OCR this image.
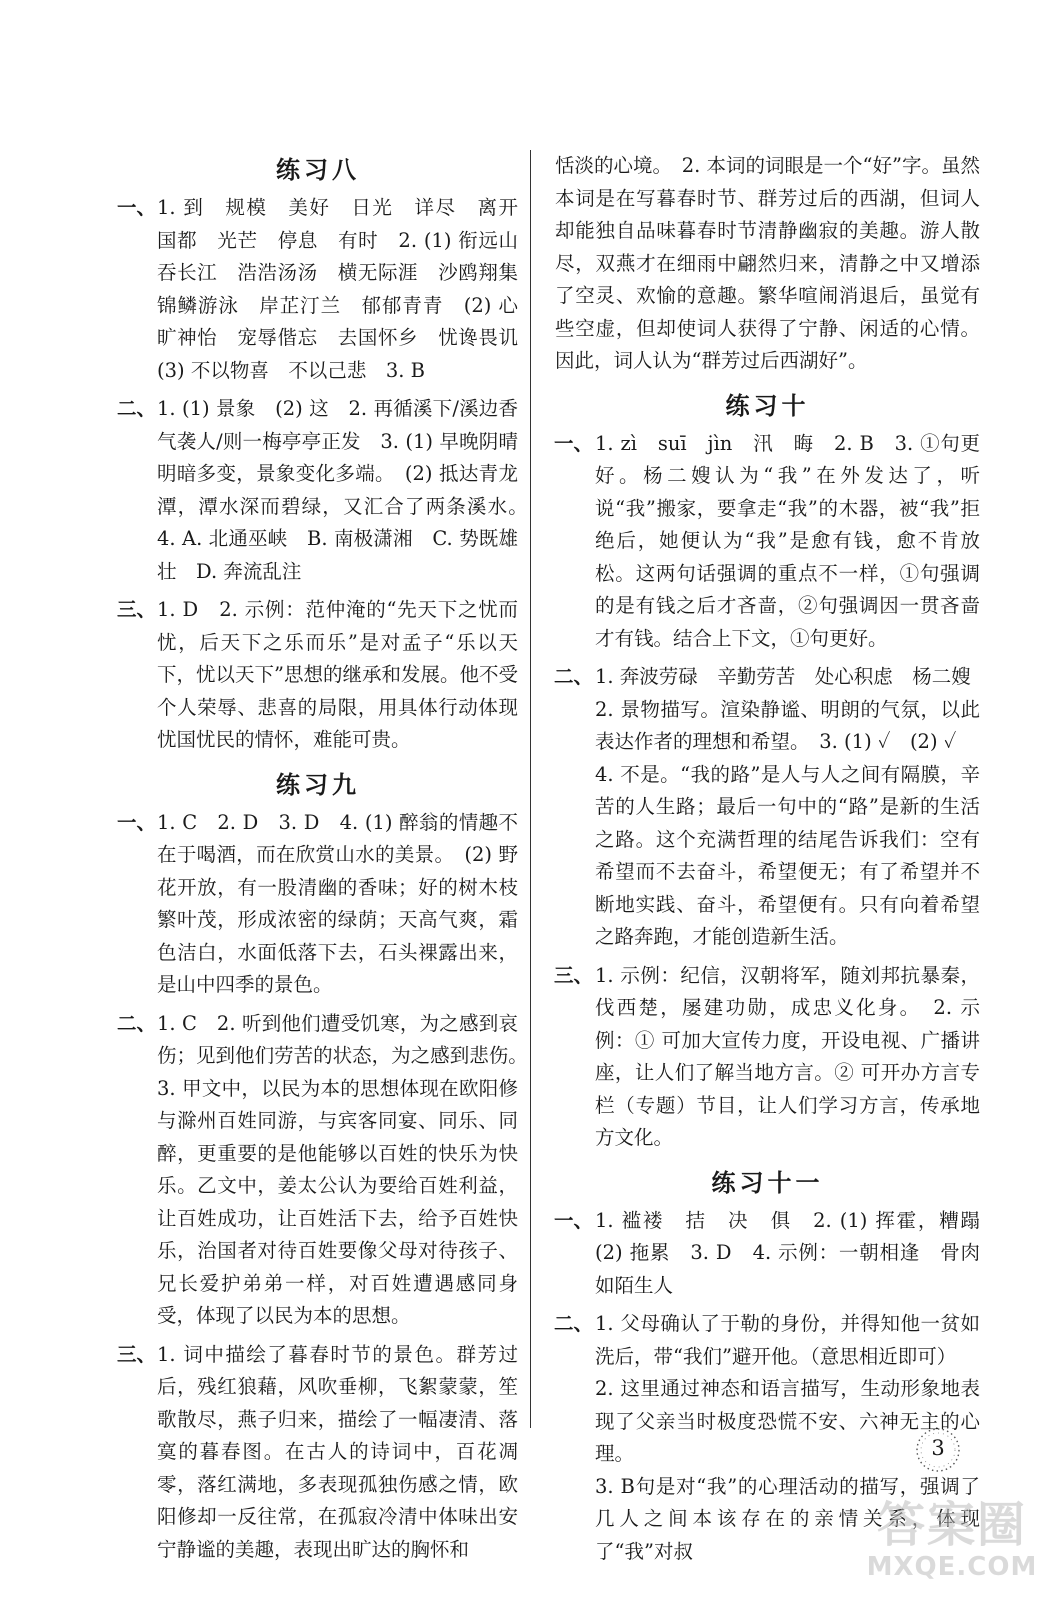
练习八
一、 1. 到　规模　美好　日光　详尽　离开　国都　光芒　停息　有时　2. (1) 衔远山　吞长江　浩浩汤汤　横无际涯　沙鸥翔集　锦鳞游泳　岸芷汀兰　郁郁青青　(2) 心旷神怡　宠辱偕忘　去国怀乡　忧谗畏讥　(3) 不以物喜　不以己悲　3. B
二、 1. (1) 景象　(2) 这　2. 再循溪下/溪边香气袭人/则一梅亭亭正发　3. (1) 早晚阴晴明暗多变，景象变化多端。　(2) 抵达青龙潭，潭水深而碧绿，又汇合了两条溪水。　4. A. 北通巫峡　B. 南极潇湘　C. 势既雄壮　D. 奔流乱注
三、 1. D　2. 示例：范仲淹的“先天下之忧而忧，后天下之乐而乐”是对孟子“乐以天下，忧以天下”思想的继承和发展。他不受个人荣辱、悲喜的局限，用具体行动体现忧国忧民的情怀，难能可贵。
练习九
一、 1. C　2. D　3. D　4. (1) 醉翁的情趣不在于喝酒，而在欣赏山水的美景。　(2) 野花开放，有一股清幽的香味；好的树木枝繁叶茂，形成浓密的绿荫；天高气爽，霜色洁白，水面低落下去，石头裸露出来，是山中四季的景色。
二、 1. C　2. 听到他们遭受饥寒，为之感到哀伤；见到他们劳苦的状态，为之感到悲伤。　3. 甲文中，以民为本的思想体现在欧阳修与滁州百姓同游，与宾客同宴、同乐、同醉，更重要的是他能够以百姓的快乐为快乐。乙文中，姜太公认为要给百姓利益，让百姓成功，让百姓活下去，给予百姓快乐，治国者对待百姓要像父母对待孩子、兄长爱护弟弟一样，对百姓遭遇感同身受，体现了以民为本的思想。
三、 1. 词中描绘了暮春时节的景色。群芳过后，残红狼藉，风吹垂柳，飞絮蒙蒙，笙歌散尽，燕子归来，描绘了一幅凄清、落寞的暮春图。在古人的诗词中，百花凋零，落红满地，多表现孤独伤感之情，欧阳修却一反往常，在孤寂冷清中体味出安宁静谧的美趣，表现出旷达的胸怀和
恬淡的心境。　2. 本词的词眼是一个“好”字。虽然本词是在写暮春时节、群芳过后的西湖，但词人却能独自品味暮春时节清静幽寂的美趣。游人散尽，双燕才在细雨中翩然归来，清静之中又增添了空灵、欢愉的意趣。繁华喧闹消退后，虽觉有些空虚，但却使词人获得了宁静、闲适的心情。因此，词人认为“群芳过后西湖好”。
练习十
一、 1. zì　suī　jìn　汛　晦　2. B　3. ①句更好。杨二嫂认为“我”在外发达了，听说“我”搬家，要拿走“我”的木器，被“我”拒绝后，她便认为“我”是愈有钱，愈不肯放松。这两句话强调的重点不一样，①句强调的是有钱之后才吝啬，②句强调因一贯吝啬才有钱。结合上下文，①句更好。
二、 1. 奔波劳碌　辛勤劳苦　处心积虑　杨二嫂
2. 景物描写。渲染静谧、明朗的气氛，以此表达作者的理想和希望。　3. (1) ✓　(2) ✓
4. 不是。“我的路”是人与人之间有隔膜，辛苦的人生路；最后一句中的“路”是新的生活之路。这个充满哲理的结尾告诉我们：空有希望而不去奋斗，希望便无；有了希望并不断地实践、奋斗，希望便有。只有向着希望之路奔跑，才能创造新生活。
三、 1. 示例：纪信，汉朝将军，随刘邦抗暴秦，伐西楚，屡建功勋，成忠义化身。　2. 示例：① 可加大宣传力度，开设电视、广播讲座，让人们了解当地方言。② 可开办方言专栏（专题）节目，让人们学习方言，传承地方文化。
练习十一
一、 1. 褴褛　拮　决　俱　2. (1) 挥霍，糟蹋　(2) 拖累　3. D　4. 示例：一朝相逢　骨肉如陌生人
二、 1. 父母确认了于勒的身份，并得知他一贫如洗后，带“我们”避开他。（意思相近即可）
2. 这里通过神态和语言描写，生动形象地表现了父亲当时极度恐慌不安、六神无主的心理。
3. B句是对“我”的心理活动的描写，强调了几人之间本该存在的亲情关系，体现了“我”对叔
3
答案圈
MXQE.COM
